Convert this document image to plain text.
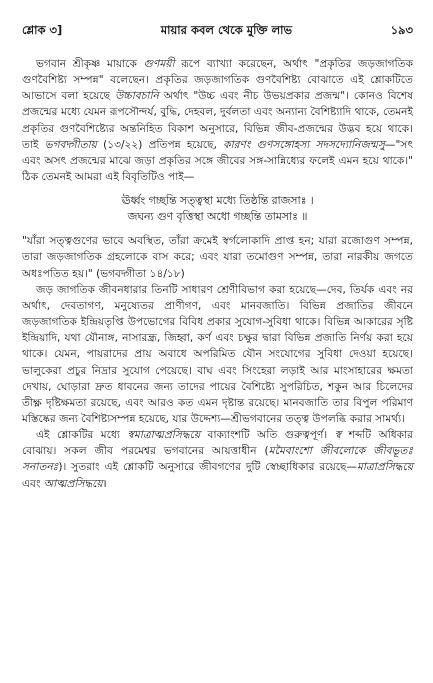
শ্লোক ৩]	মায়ার কবল থেকে মুক্তি লাভ	১৯৩

ভগবান শ্রীকৃষ্ণ মায়াকে গুণময়ী রূপে ব্যাখ্যা করেছেন, অর্থাৎ "প্রকৃতির জড়জাগতিক গুণবৈশিষ্ট্য সম্পন্ন" বলেছেন। প্রকৃতির জড়জাগতিক গুণবৈশিষ্ট্য বোঝাতে এই শ্লোকটিতে আভাসে বলা হয়েছে উচ্চাবচানি অর্থাৎ "উচ্চ এবং নীচ উভয়প্রকার প্রজন্ম"। কোনও বিশেষ প্রজন্মের মধ্যে যেমন রূপসৌন্দর্য, বুদ্ধি, দেহবল, দুর্বলতা এবং অন্যান্য বৈশিষ্ট্যাদি থাকে, তেমনই প্রকৃতির গুণবৈশিষ্ট্যের অন্তনিহিত বিকাশ অনুসারে, বিভিন্ন জীব-প্রজন্মের উদ্ভব হয়ে থাকে। তাই ভগবদ্গীতায় (১৩/২২) প্রতিপন্ন হয়েছে, কারণং গুণসঙ্গোহস্য সদসদ্যোনিজন্মসু—"সৎ এবং অসৎ প্রজন্মের মাঝে জড়া প্রকৃতির সঙ্গে জীবের সঙ্গ-সান্নিধ্যের ফলেই এমন হয়ে থাকে।" ঠিক তেমনই আমরা এই বিবৃতিটিও পাই—

ঊর্ধ্বং গচ্ছন্তি সত্ত্বস্থা মধ্যে তিষ্ঠন্তি রাজসাঃ ।
জঘন্য গুণ বৃত্তিস্থা অধো গচ্ছন্তি তামসাঃ ॥

"যাঁরা সত্ত্বগুণের ভাবে অবস্থিত, তাঁরা ক্রমেই স্বর্গলোকাদি প্রাপ্ত হন; যারা রজোগুণ সম্পন্ন, তারা জড়জাগতিক গ্রহলোকে বাস করে; এবং যারা তমোগুণ সম্পন্ন, তারা নারকীয় জগতে অধঃপতিত হয়।" (ভগবদ্গীতা ১৪/১৮)

জড় জাগতিক জীবনধারার তিনটি সাধারণ শ্রেণীবিভাগ করা হয়েছে—দেব, তির্যক এবং নর অর্থাৎ, দেবতাগণ, মনুষ্যেতর প্রাণীগণ, এবং মানবজাতি। বিভিন্ন প্রজাতির জীবনে জড়জাগতিক ইন্দ্রিয়তৃপ্তি উপভোগের বিবিধ প্রকার সুযোগ-সুবিধা থাকে। বিভিন্ন আকারের সৃষ্টি ইন্দ্রিয়াদি, যথা যৌনাঙ্গ, নাসারন্ধ্র, জিহ্বা, কর্ণ এবং চক্ষুর দ্বারা বিভিন্ন প্রজাতি নির্ণয় করা হয়ে থাকে। যেমন, পায়রাদের প্রায় অবাধে অপরিমিত যৌন সংযোগের সুবিধা দেওয়া হয়েছে। ভালুকেরা প্রচুর নিদ্রার সুযোগ পেয়েছে। বাঘ এবং সিংহেরা লড়াই আর মাংসাহারের ক্ষমতা দেখায়, ঘোড়ারা দ্রুত ধাবনের জন্য তাদের পায়ের বৈশিষ্ট্যে সুপরিচিত, শকুন আর চিলেদের তীক্ষ্ণ দৃষ্টিক্ষমতা রয়েছে, এবং আরও কত এমন দৃষ্টান্ত রয়েছে। মানবজাতি তার বিপুল পরিমাণ মস্তিষ্কের জন্য বৈশিষ্ট্যসম্পন্ন হয়েছে, যার উদ্দেশ্য—শ্রীভগবানের তত্ত্ব উপলব্ধি করার সামর্থ্য।

এই শ্লোকটির মধ্যে স্বমাত্রাত্মপ্রসিদ্ধয়ে বাক্যাংশটি অতি গুরুত্বপূর্ণ। স্ব শব্দটি অধিকার বোঝায়। সকল জীব পরমেশ্বর ভগবানের আয়ত্তাধীন (মমৈবাংশো জীবলোকে জীবভূতঃ সনাতনঃ)। সুতরাং এই শ্লোকটি অনুসারে জীবগণের দুটি স্বেচ্ছাধিকার রয়েছে—মাত্রাপ্রসিদ্ধয়ে এবং আত্মপ্রসিদ্ধয়ে।
